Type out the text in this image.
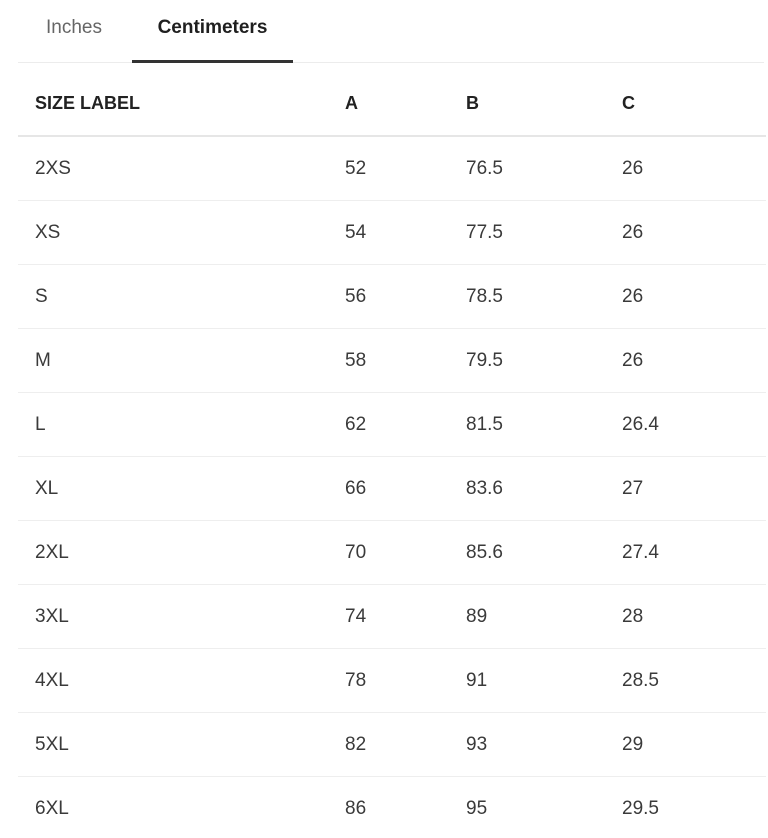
Inches	Centimeters
SIZE LABEL	A	B	C
2XS	52	76.5	26
XS	54	77.5	26
S	56	78.5	26
M	58	79.5	26
L	62	81.5	26.4
XL	66	83.6	27
2XL	70	85.6	27.4
3XL	74	89	28
4XL	78	91	28.5
5XL	82	93	29
6XL	86	95	29.5
